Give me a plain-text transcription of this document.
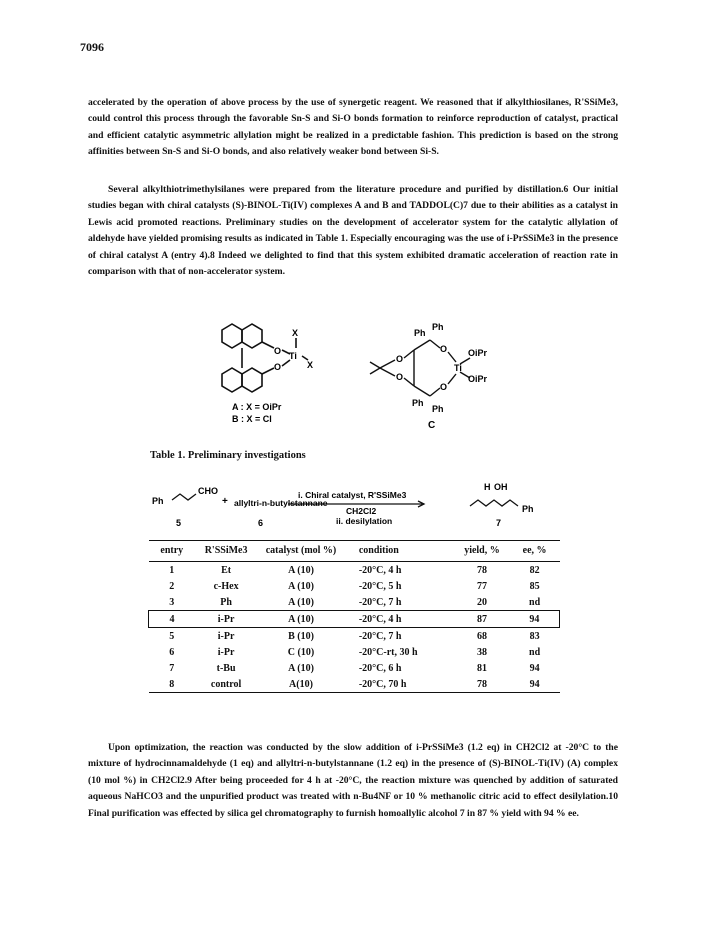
7096

accelerated by the operation of above process by the use of synergetic reagent. We reasoned that if alkylthiosilanes, R'SSiMe3, could control this process through the favorable Sn-S and Si-O bonds formation to reinforce reproduction of catalyst, practical and efficient catalytic asymmetric allylation might be realized in a predictable fashion. This prediction is based on the strong affinities between Sn-S and Si-O bonds, and also relatively weaker bond between Si-S.

Several alkylthiotrimethylsilanes were prepared from the literature procedure and purified by distillation.6 Our initial studies began with chiral catalysts (S)-BINOL-Ti(IV) complexes A and B and TADDOL(C)7 due to their abilities as a catalyst in Lewis acid promoted reactions. Preliminary studies on the development of accelerator system for the catalytic allylation of aldehyde have yielded promising results as indicated in Table 1. Especially encouraging was the use of i-PrSSiMe3 in the presence of chiral catalyst A (entry 4).8 Indeed we delighted to find that this system exhibited dramatic acceleration of reaction rate in comparison with that of non-accelerator system.

X
O Ti
X
O
A : X = OiPr
B : X = Cl
Ph
Ph
O OiPr
Ti
OiPr
O
O
O
Ph
Ph
C
Table 1. Preliminary investigations
Ph
CHO
+ allyltri-n-butylstannane
i. Chiral catalyst, R'SSiMe3
CH2Cl2
ii. desilylation
H OH
Ph
5	6	7
entry	R'SSiMe3	catalyst (mol %)	condition	yield, %	ee, %
1	Et	A (10)	-20°C, 4 h	78	82
2	c-Hex	A (10)	-20°C, 5 h	77	85
3	Ph	A (10)	-20°C, 7 h	20	nd
4	i-Pr	A (10)	-20°C, 4 h	87	94
5	i-Pr	B (10)	-20°C, 7 h	68	83
6	i-Pr	C (10)	-20°C-rt, 30 h	38	nd
7	t-Bu	A (10)	-20°C, 6 h	81	94
8	control	A(10)	-20°C, 70 h	78	94

Upon optimization, the reaction was conducted by the slow addition of i-PrSSiMe3 (1.2 eq) in CH2Cl2 at -20°C to the mixture of hydrocinnamaldehyde (1 eq) and allyltri-n-butylstannane (1.2 eq) in the presence of (S)-BINOL-Ti(IV) (A) complex (10 mol %) in CH2Cl2.9 After being proceeded for 4 h at -20°C, the reaction mixture was quenched by addition of saturated aqueous NaHCO3 and the unpurified product was treated with n-Bu4NF or 10 % methanolic citric acid to effect desilylation.10 Final purification was effected by silica gel chromatography to furnish homoallylic alcohol 7 in 87 % yield with 94 % ee.
